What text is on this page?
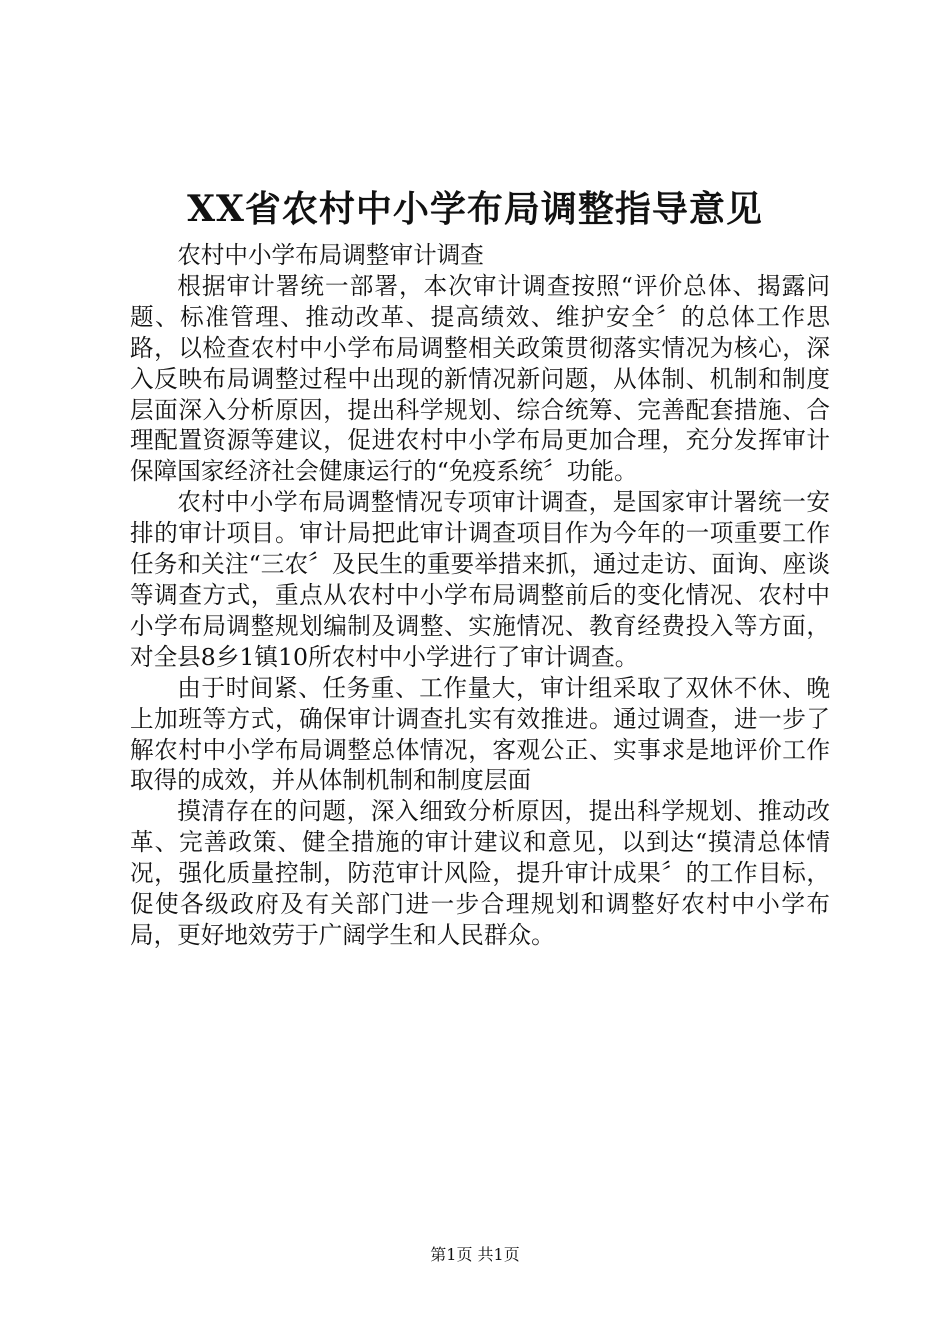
XX省农村中小学布局调整指导意见

农村中小学布局调整审计调查

根据审计署统一部署，本次审计调查按照“评价总体、揭露问题、标准管理、推动改革、提高绩效、维护安全〞的总体工作思路，以检查农村中小学布局调整相关政策贯彻落实情况为核心，深入反映布局调整过程中出现的新情况新问题，从体制、机制和制度层面深入分析原因，提出科学规划、综合统筹、完善配套措施、合理配置资源等建议，促进农村中小学布局更加合理，充分发挥审计保障国家经济社会健康运行的“免疫系统〞功能。

农村中小学布局调整情况专项审计调查，是国家审计署统一安排的审计项目。审计局把此审计调查项目作为今年的一项重要工作任务和关注“三农〞及民生的重要举措来抓，通过走访、面询、座谈等调查方式，重点从农村中小学布局调整前后的变化情况、农村中小学布局调整规划编制及调整、实施情况、教育经费投入等方面，对全县8乡1镇10所农村中小学进行了审计调查。

由于时间紧、任务重、工作量大，审计组采取了双休不休、晚上加班等方式，确保审计调查扎实有效推进。通过调查，进一步了解农村中小学布局调整总体情况，客观公正、实事求是地评价工作取得的成效，并从体制机制和制度层面

摸清存在的问题，深入细致分析原因，提出科学规划、推动改革、完善政策、健全措施的审计建议和意见，以到达“摸清总体情况，强化质量控制，防范审计风险，提升审计成果〞的工作目标，促使各级政府及有关部门进一步合理规划和调整好农村中小学布局，更好地效劳于广阔学生和人民群众。

第1页 共1页
